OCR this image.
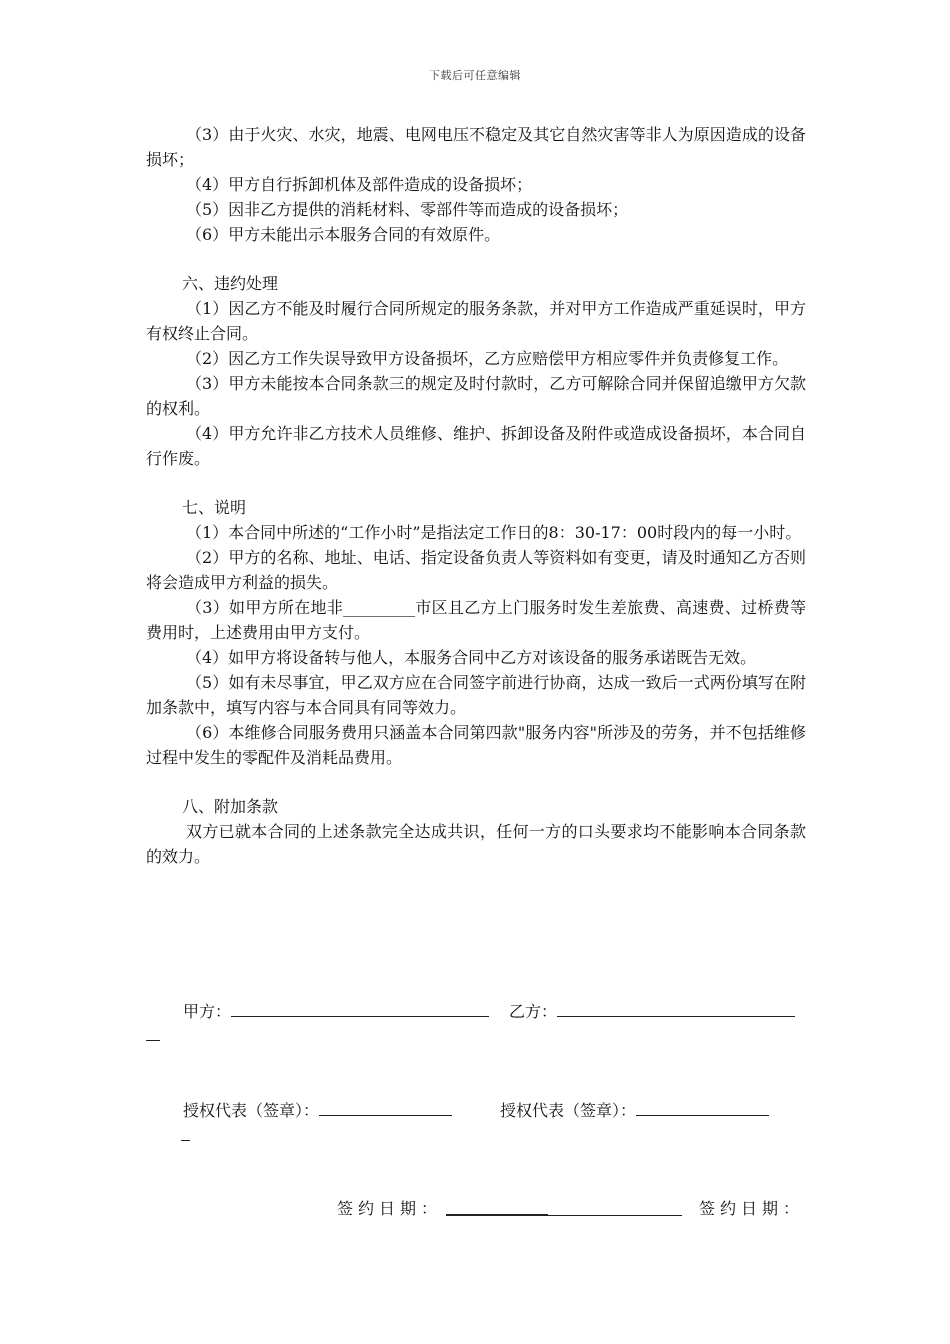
下载后可任意编辑

（3）由于火灾、水灾，地震、电网电压不稳定及其它自然灾害等非人为原因造成的设备损坏；

（4）甲方自行拆卸机体及部件造成的设备损坏；

（5）因非乙方提供的消耗材料、零部件等而造成的设备损坏；

（6）甲方未能出示本服务合同的有效原件。

六、违约处理

（1）因乙方不能及时履行合同所规定的服务条款，并对甲方工作造成严重延误时，甲方有权终止合同。

（2）因乙方工作失误导致甲方设备损坏，乙方应赔偿甲方相应零件并负责修复工作。

（3）甲方未能按本合同条款三的规定及时付款时，乙方可解除合同并保留追缴甲方欠款的权利。

（4）甲方允许非乙方技术人员维修、维护、拆卸设备及附件或造成设备损坏，本合同自行作废。

七、说明

（1）本合同中所述的“工作小时”是指法定工作日的8：30-17：00时段内的每一小时。

（2）甲方的名称、地址、电话、指定设备负责人等资料如有变更，请及时通知乙方否则将会造成甲方利益的损失。

（3）如甲方所在地非_________市区且乙方上门服务时发生差旅费、高速费、过桥费等费用时，上述费用由甲方支付。

（4）如甲方将设备转与他人，本服务合同中乙方对该设备的服务承诺既告无效。

（5）如有未尽事宜，甲乙双方应在合同签字前进行协商，达成一致后一式两份填写在附加条款中，填写内容与本合同具有同等效力。

（6）本维修合同服务费用只涵盖本合同第四款"服务内容"所涉及的劳务，并不包括维修过程中发生的零配件及消耗品费用。

八、附加条款

双方已就本合同的上述条款完全达成共识，任何一方的口头要求均不能影响本合同条款的效力。

甲方：	乙方：
授权代表（签章）：	授权代表（签章）：
签约日期：	签约日期：
